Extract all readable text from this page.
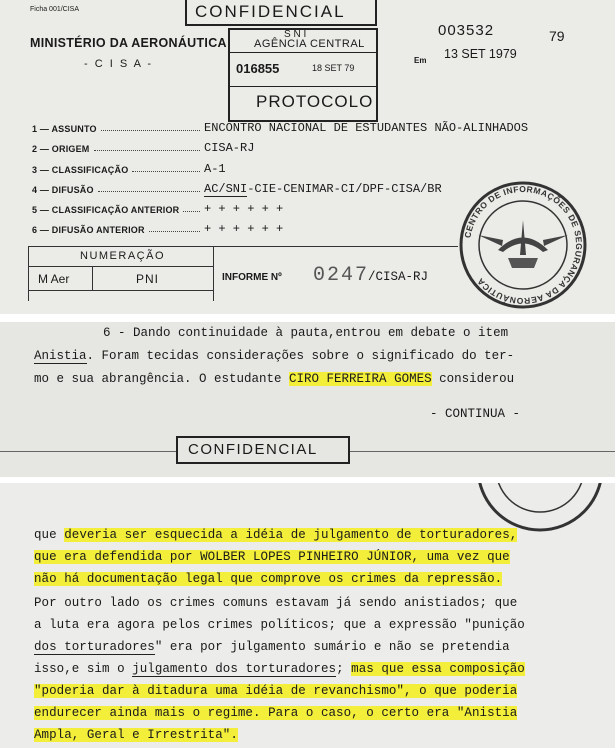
Ficha 001/CISA	CONFIDENCIAL
MINISTÉRIO DA AERONÁUTICA
- C I S A -
S N I
AGÊNCIA CENTRAL
016855	18 SET 79
PROTOCOLO
003532	79
Em 13 SET 1979
1 — ASSUNTO	ENCONTRO NACIONAL DE ESTUDANTES NÃO-ALINHADOS
2 — ORIGEM	CISA-RJ
3 — CLASSIFICAÇÃO	A-1
4 — DIFUSÃO	AC/SNI-CIE-CENIMAR-CI/DPF-CISA/BR
5 — CLASSIFICAÇÃO ANTERIOR + + + + + +
6 — DIFUSÃO ANTERIOR	+ + + + + +
NUMERAÇÃO
M Aer	PNI	INFORME Nº 0247
/CISA-RJ
CENTRO DE INFORMAÇÕES DE SEGURANÇA DA AERONÁUTICA
6 - Dando continuidade à pauta,entrou em debate o item
Anistia. Foram tecidas considerações sobre o significado do ter-
mo e sua abrangência. O estudante CIRO FERREIRA GOMES considerou
- CONTINUA -
CONFIDENCIAL
que deveria ser esquecida a idéia de julgamento de torturadores,
que era defendida por WOLBER LOPES PINHEIRO JÚNIOR, uma vez que
não há documentação legal que comprove os crimes da repressão.
Por outro lado os crimes comuns estavam já sendo anistiados; que
a luta era agora pelos crimes políticos; que a expressão "punição
dos torturadores" era por julgamento sumário e não se pretendia
isso,e sim o julgamento dos torturadores; mas que essa composição
"poderia dar à ditadura uma idéia de revanchismo", o que poderia
endurecer ainda mais o regime. Para o caso, o certo era "Anistia
Ampla, Geral e Irrestrita".
